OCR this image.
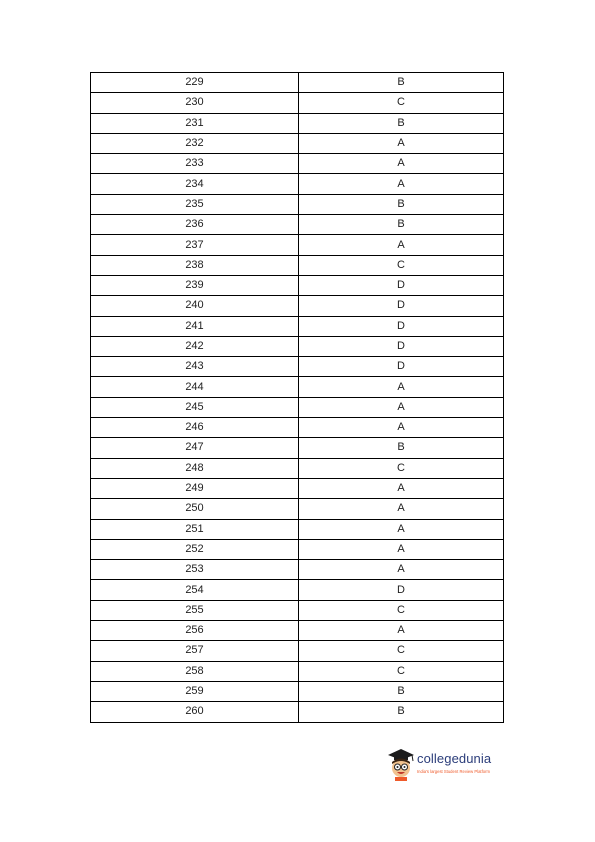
229	B
230	C
231	B
232	A
233	A
234	A
235	B
236	B
237	A
238	C
239	D
240	D
241	D
242	D
243	D
244	A
245	A
246	A
247	B
248	C
249	A
250	A
251	A
252	A
253	A
254	D
255	C
256	A
257	C
258	C
259	B
260	B
collegedunia
India's largest Student Review Platform
